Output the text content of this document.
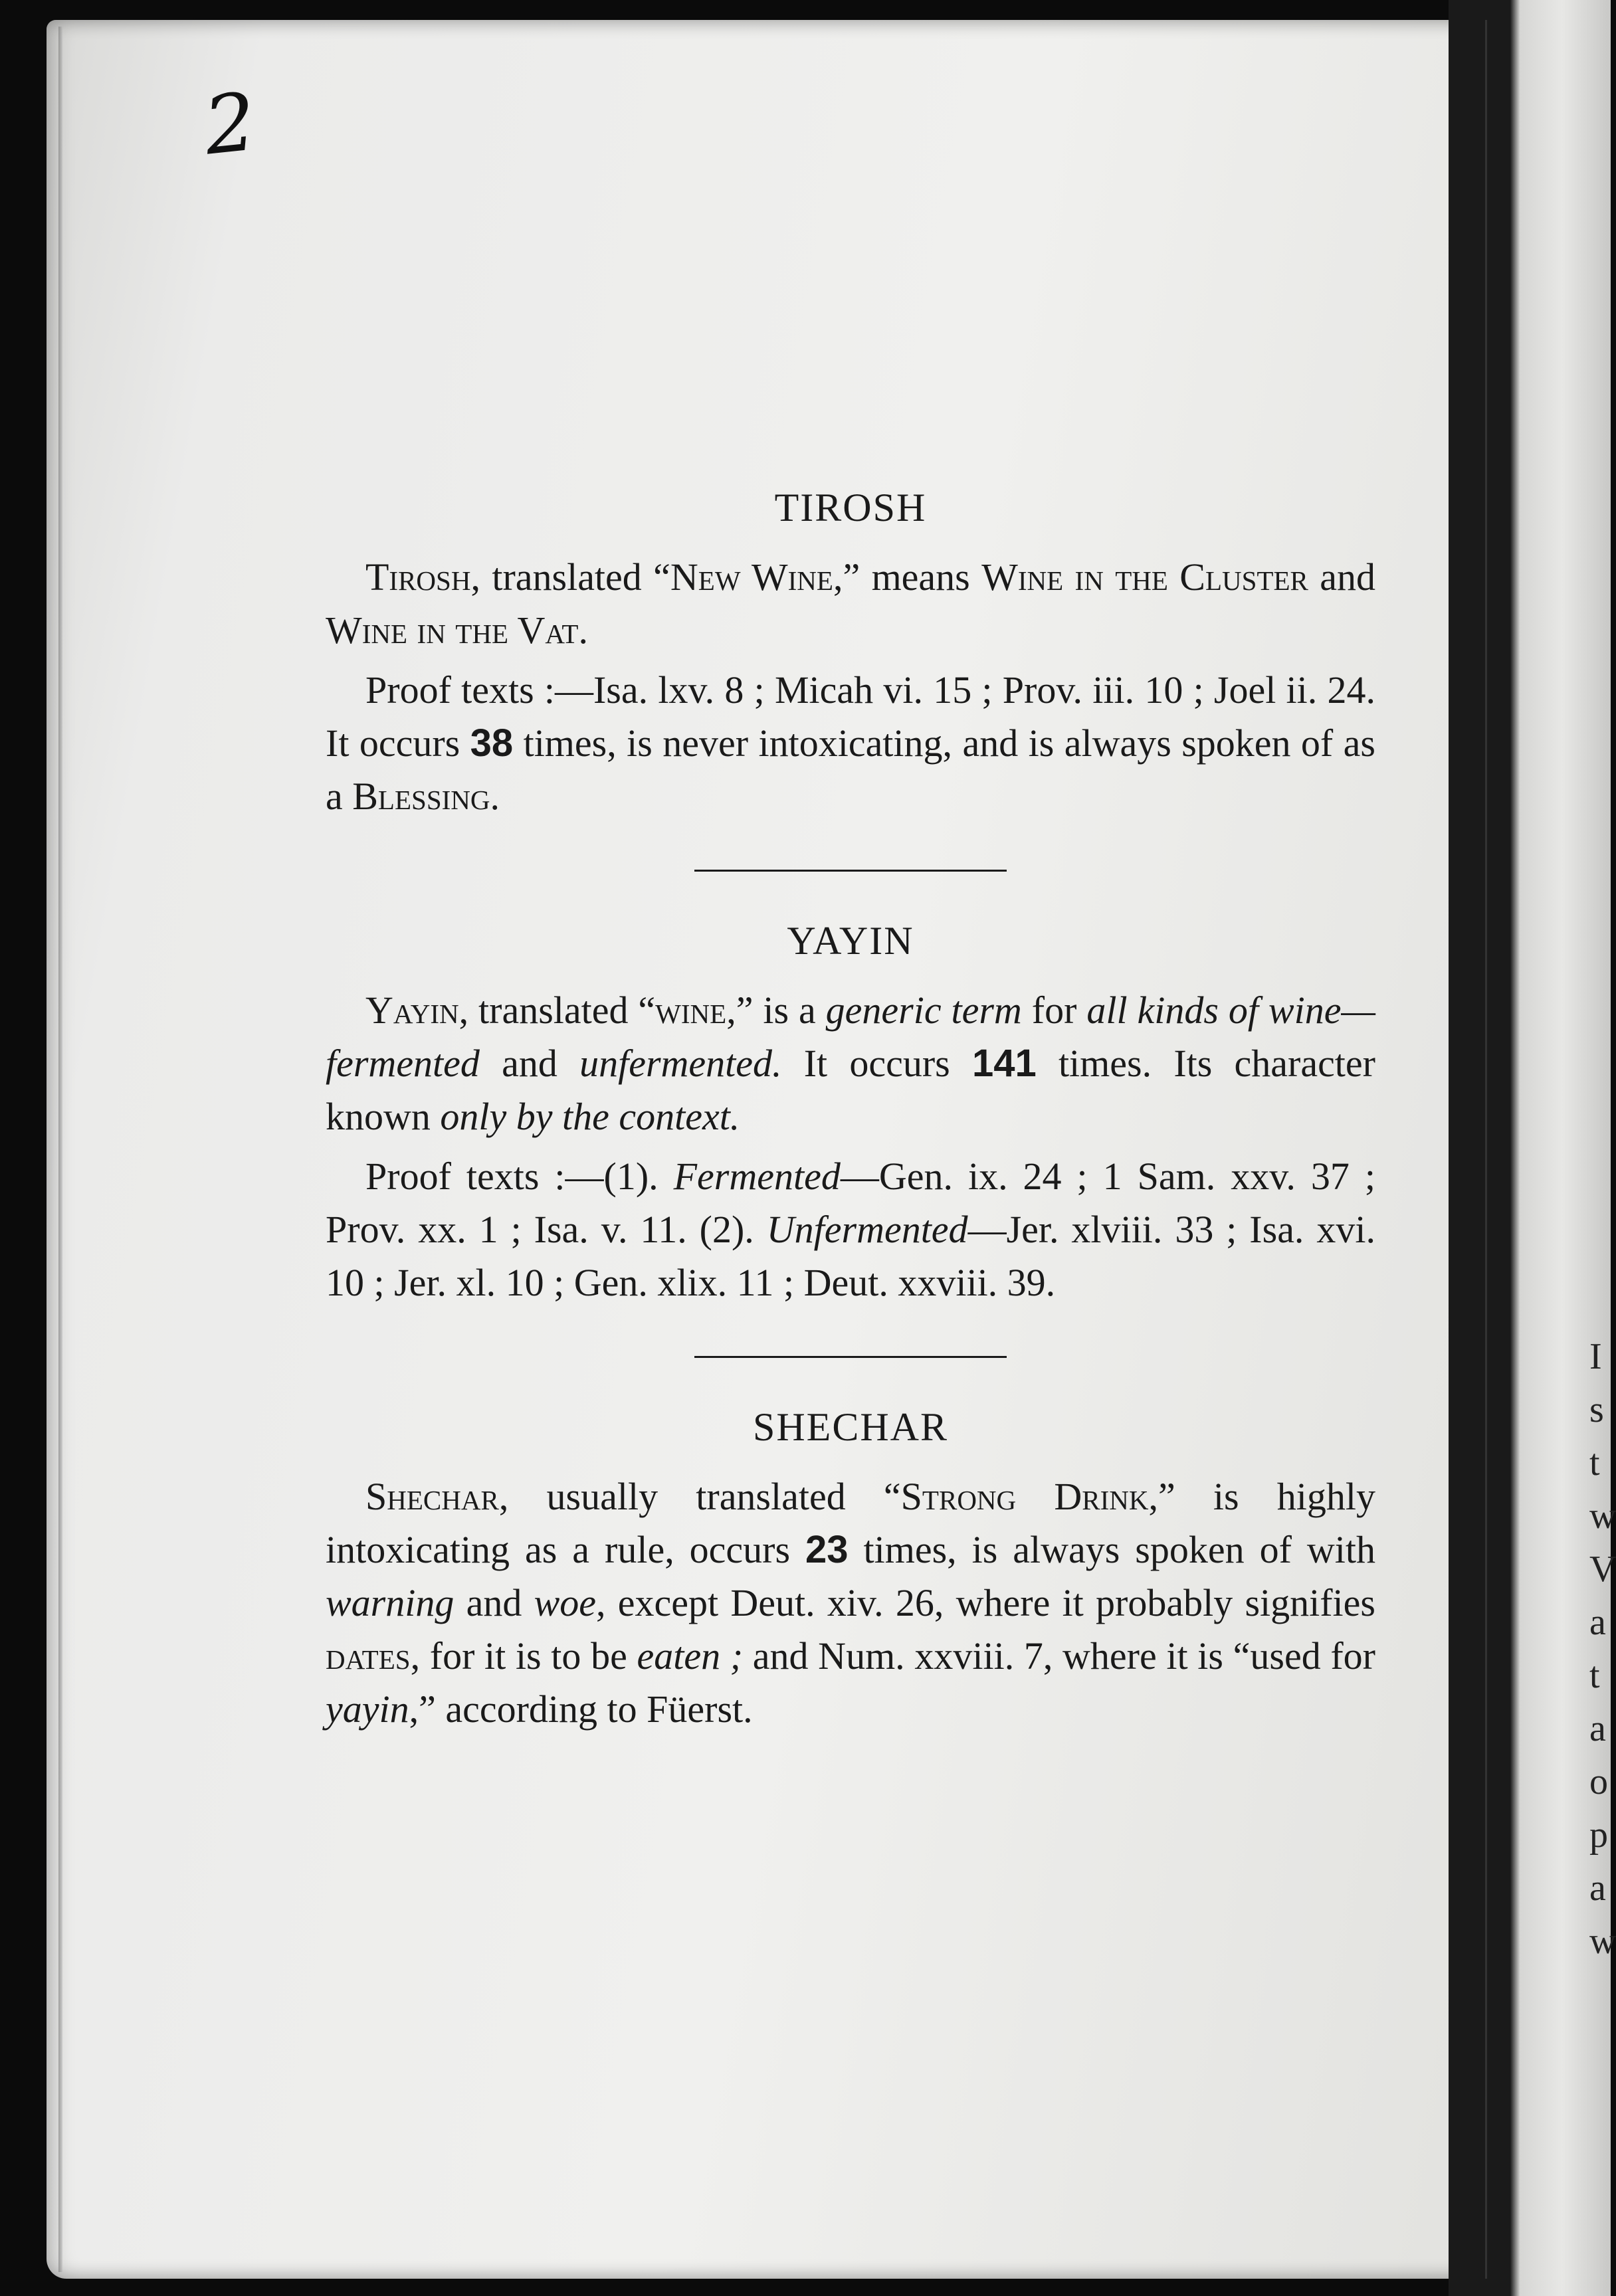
2
TIROSH

Tirosh, translated “New Wine,” means Wine in the Cluster and Wine in the Vat.

Proof texts :—Isa. lxv. 8 ; Micah vi. 15 ; Prov. iii. 10 ; Joel ii. 24. It occurs 38 times, is never intoxicating, and is always spoken of as a Blessing.

YAYIN

Yayin, translated “wine,” is a generic term for all kinds of wine—fermented and unfermented. It occurs 141 times. Its character known only by the context.

Proof texts :—(1). Fermented—Gen. ix. 24 ; 1 Sam. xxv. 37 ; Prov. xx. 1 ; Isa. v. 11. (2). Unfermented—Jer. xlviii. 33 ; Isa. xvi. 10 ; Jer. xl. 10 ; Gen. xlix. 11 ; Deut. xxviii. 39.

SHECHAR

Shechar, usually translated “Strong Drink,” is highly intoxicating as a rule, occurs 23 times, is always spoken of with warning and woe, except Deut. xiv. 26, where it probably signifies dates, for it is to be eaten ; and Num. xxviii. 7, where it is “used for yayin,” according to Füerst.

I
s
t
w
V
a
t
a
o
p
a
w
